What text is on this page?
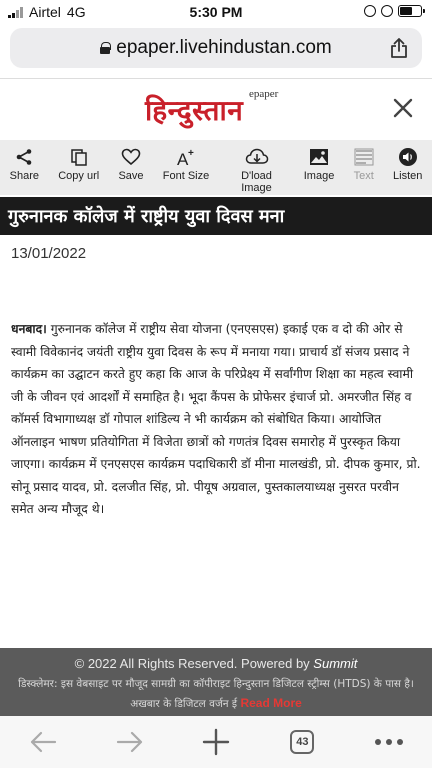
Airtel 4G	5:30 PM
epaper.livehindustan.com
हिन्दुस्तान epaper
Share Copy url Save
A +
Font Size	D'load Image
Image Text Listen
गुरुनानक कॉलेज में राष्ट्रीय युवा दिवस मना
13/01/2022
धनबाद। गुरुनानक कॉलेज में राष्ट्रीय सेवा योजना (एनएसएस) इकाई एक व दो की ओर से स्वामी विवेकानंद जयंती राष्ट्रीय युवा दिवस के रूप में मनाया गया। प्राचार्य डॉ संजय प्रसाद ने कार्यक्रम का उद्घाटन करते हुए कहा कि आज के परिप्रेक्ष्य में सर्वांगीण शिक्षा का महत्व स्वामी जी के जीवन एवं आदर्शों में समाहित है। भूदा कैंपस के प्रोफेसर इंचार्ज प्रो. अमरजीत सिंह व कॉमर्स विभागाध्यक्ष डॉ गोपाल शांडिल्य ने भी कार्यक्रम को संबोधित किया। आयोजित ऑनलाइन भाषण प्रतियोगिता में विजेता छात्रों को गणतंत्र दिवस समारोह में पुरस्कृत किया जाएगा। कार्यक्रम में एनएसएस कार्यक्रम पदाधिकारी डॉ मीना मालखंडी, प्रो. दीपक कुमार, प्रो. सोनू प्रसाद यादव, प्रो. दलजीत सिंह, प्रो. पीयूष अग्रवाल, पुस्तकालयाध्यक्ष नुसरत परवीन समेत अन्य मौजूद थे।
© 2022 All Rights Reserved. Powered by Summit
डिस्क्लेमर: इस वेबसाइट पर मौजूद सामग्री का कॉपीराइट हिन्दुस्तान डिजिटल स्ट्रीम्स (HTDS) के पास है। अखबार के डिजिटल वर्जन ई Read More
43
